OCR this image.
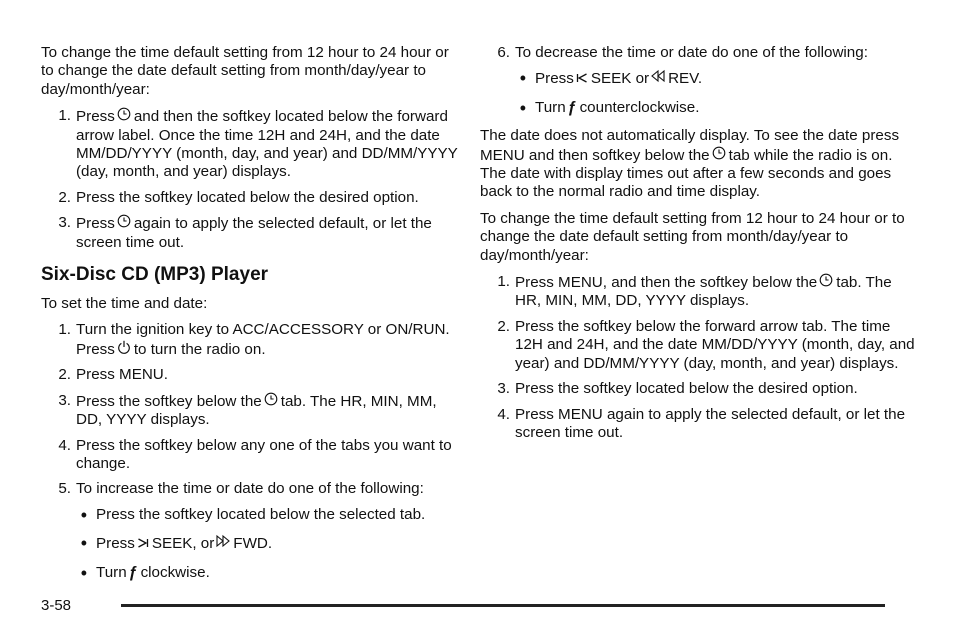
To change the time default setting from 12 hour to 24 hour or to change the date default setting from month/day/year to day/month/year:

1. Press and then the softkey located below the forward arrow label. Once the time 12H and 24H, and the date MM/DD/YYYY (month, day, and year) and DD/MM/YYYY (day, month, and year) displays.
2. Press the softkey located below the desired option.
3. Press again to apply the selected default, or let the screen time out.
Six-Disc CD (MP3) Player

To set the time and date:

1. Turn the ignition key to ACC/ACCESSORY or ON/RUN. Press to turn the radio on.
2. Press MENU.
3. Press the softkey below the tab. The HR, MIN, MM, DD, YYYY displays.
4. Press the softkey below any one of the tabs you want to change.
5. To increase the time or date do one of the following:
• Press the softkey located below the selected tab.
• Press SEEK, or FWD.
• Turn ƒ clockwise.
6. To decrease the time or date do one of the following:
• Press SEEK or REV.
• Turn ƒ counterclockwise.

The date does not automatically display. To see the date press MENU and then softkey below the tab while the radio is on. The date with display times out after a few seconds and goes back to the normal radio and time display.

To change the time default setting from 12 hour to 24 hour or to change the date default setting from month/day/year to day/month/year:

1. Press MENU, and then the softkey below the tab. The HR, MIN, MM, DD, YYYY displays.
2. Press the softkey below the forward arrow tab. The time 12H and 24H, and the date MM/DD/YYYY (month, day, and year) and DD/MM/YYYY (day, month, and year) displays.
3. Press the softkey located below the desired option.
4. Press MENU again to apply the selected default, or let the screen time out.
3-58
